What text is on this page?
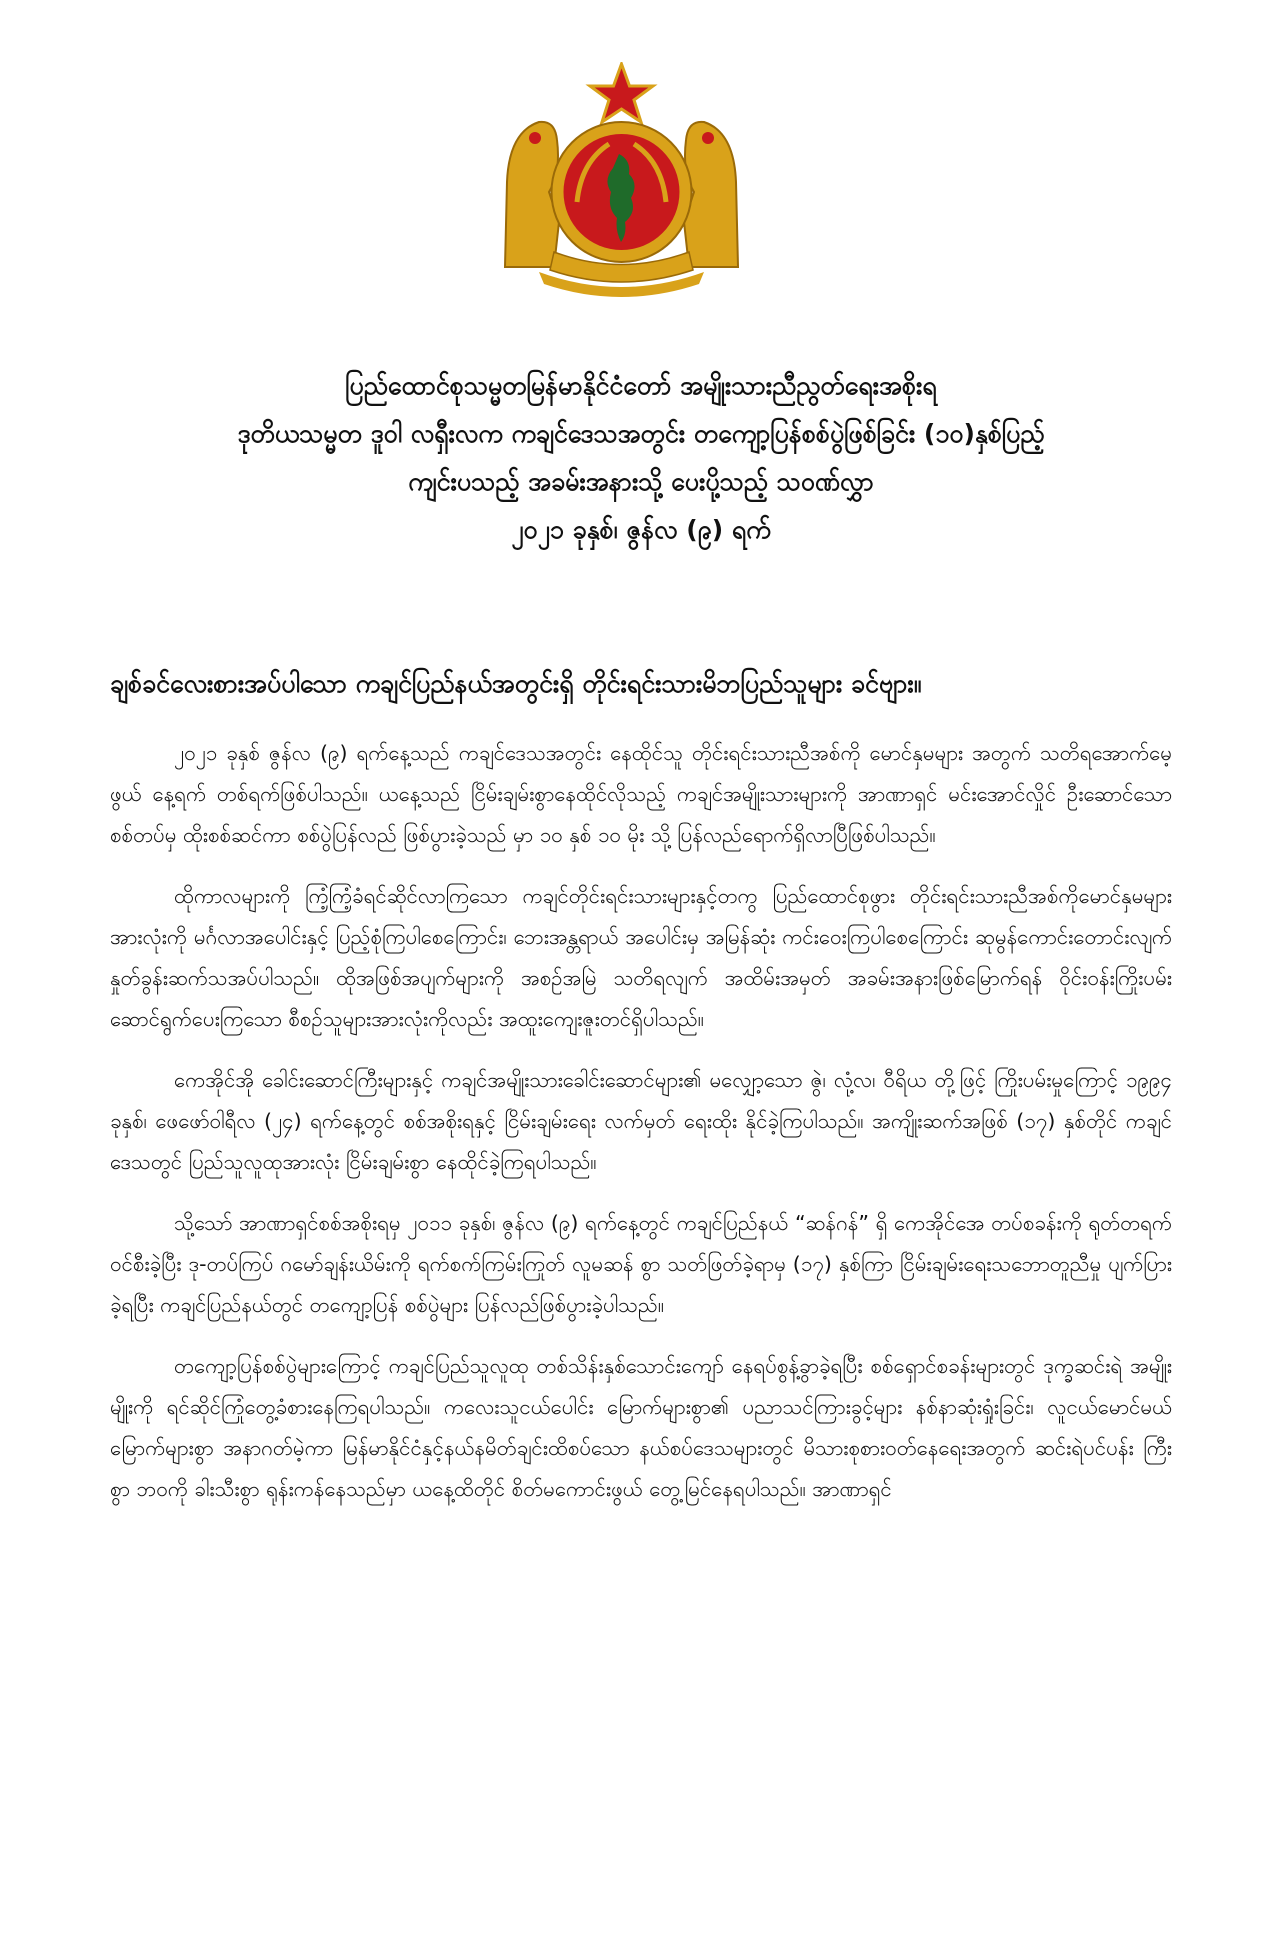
ပြည်ထောင်စုသမ္မတမြန်မာနိုင်ငံတော် အမျိုးသားညီညွတ်ရေးအစိုးရ
ဒုတိယသမ္မတ ဒူဝါ လရှီးလက ကချင်ဒေသအတွင်း တကျော့ပြန်စစ်ပွဲဖြစ်ခြင်း (၁၀)နှစ်ပြည့်
ကျင်းပသည့် အခမ်းအနားသို့ ပေးပို့သည့် သဝဏ်လွှာ
၂၀၂၁ ခုနှစ်၊ ဇွန်လ (၉) ရက်
ချစ်ခင်လေးစားအပ်ပါသော ကချင်ပြည်နယ်အတွင်းရှိ တိုင်းရင်းသားမိဘပြည်သူများ ခင်ဗျား။

၂၀၂၁ ခုနှစ် ဇွန်လ (၉) ရက်နေ့သည် ကချင်ဒေသအတွင်း နေထိုင်သူ တိုင်းရင်းသားညီအစ်ကို မောင်နှမများ အတွက် သတိရအောက်မေ့ဖွယ် နေ့ရက် တစ်ရက်ဖြစ်ပါသည်။ ယနေ့သည် ငြိမ်းချမ်းစွာနေထိုင်လိုသည့် ကချင်အမျိုးသားများကို အာဏာရှင် မင်းအောင်လှိုင် ဦးဆောင်သော စစ်တပ်မှ ထိုးစစ်ဆင်ကာ စစ်ပွဲပြန်လည် ဖြစ်ပွားခဲ့သည် မှာ ၁၀ နှစ် ၁၀ မိုး သို့ ပြန်လည်ရောက်ရှိလာပြီဖြစ်ပါသည်။

ထိုကာလများကို ကြံ့ကြံ့ခံရင်ဆိုင်လာကြသော ကချင်တိုင်းရင်းသားများနှင့်တကွ ပြည်ထောင်စုဖွား တိုင်းရင်းသားညီအစ်ကိုမောင်နှမများအားလုံးကို မင်္ဂလာအပေါင်းနှင့် ပြည့်စုံကြပါစေကြောင်း၊ ဘေးအန္တရာယ် အပေါင်းမှ အမြန်ဆုံး ကင်းဝေးကြပါစေကြောင်း ဆုမွန်ကောင်းတောင်းလျက် နှုတ်ခွန်းဆက်သအပ်ပါသည်။ ထိုအဖြစ်အပျက်များကို အစဉ်အမြဲ သတိရလျက် အထိမ်းအမှတ် အခမ်းအနားဖြစ်မြောက်ရန် ဝိုင်းဝန်းကြိုးပမ်း ဆောင်ရွက်ပေးကြသော စီစဉ်သူများအားလုံးကိုလည်း အထူးကျေးဇူးတင်ရှိပါသည်။

ကေအိုင်အို ခေါင်းဆောင်ကြီးများနှင့် ကချင်အမျိုးသားခေါင်းဆောင်များ၏ မလျှော့သော ဇွဲ၊ လုံ့လ၊ ဝီရိယ တို့ဖြင့် ကြိုးပမ်းမှုကြောင့် ၁၉၉၄ ခုနှစ်၊ ဖေဖော်ဝါရီလ (၂၄) ရက်နေ့တွင် စစ်အစိုးရနှင့် ငြိမ်းချမ်းရေး လက်မှတ် ရေးထိုး နိုင်ခဲ့ကြပါသည်။ အကျိုးဆက်အဖြစ် (၁၇) နှစ်တိုင် ကချင်ဒေသတွင် ပြည်သူလူထုအားလုံး ငြိမ်းချမ်းစွာ နေထိုင်ခဲ့ကြရပါသည်။

သို့သော် အာဏာရှင်စစ်အစိုးရမှ ၂၀၁၁ ခုနှစ်၊ ဇွန်လ (၉) ရက်နေ့တွင် ကချင်ပြည်နယ် “ဆန်ဂန်” ရှိ ကေအိုင်အေ တပ်စခန်းကို ရုတ်တရက်ဝင်စီးခဲ့ပြီး ဒု-တပ်ကြပ် ဂမော်ချန်းယိမ်းကို ရက်စက်ကြမ်းကြုတ် လူမဆန် စွာ သတ်ဖြတ်ခဲ့ရာမှ (၁၇) နှစ်ကြာ ငြိမ်းချမ်းရေးသဘောတူညီမှု ပျက်ပြားခဲ့ရပြီး ကချင်ပြည်နယ်တွင် တကျော့ပြန် စစ်ပွဲများ ပြန်လည်ဖြစ်ပွားခဲ့ပါသည်။

တကျော့ပြန်စစ်ပွဲများကြောင့် ကချင်ပြည်သူလူထု တစ်သိန်းနှစ်သောင်းကျော် နေရပ်စွန့်ခွာခဲ့ရပြီး စစ်ရှောင်စခန်းများတွင် ဒုက္ခဆင်းရဲ အမျိုးမျိုးကို ရင်ဆိုင်ကြုံတွေ့ခံစားနေကြရပါသည်။ ကလေးသူငယ်ပေါင်း မြောက်များစွာ၏ ပညာသင်ကြားခွင့်များ နစ်နာဆုံးရှုံးခြင်း၊ လူငယ်မောင်မယ်မြောက်များစွာ အနာဂတ်မဲ့ကာ မြန်မာနိုင်ငံနှင့်နယ်နမိတ်ချင်းထိစပ်သော နယ်စပ်ဒေသများတွင် မိသားစုစားဝတ်နေရေးအတွက် ဆင်းရဲပင်ပန်း ကြီးစွာ ဘဝကို ခါးသီးစွာ ရုန်းကန်နေသည်မှာ ယနေ့ထိတိုင် စိတ်မကောင်းဖွယ် တွေ့မြင်နေရပါသည်။ အာဏာရှင်
